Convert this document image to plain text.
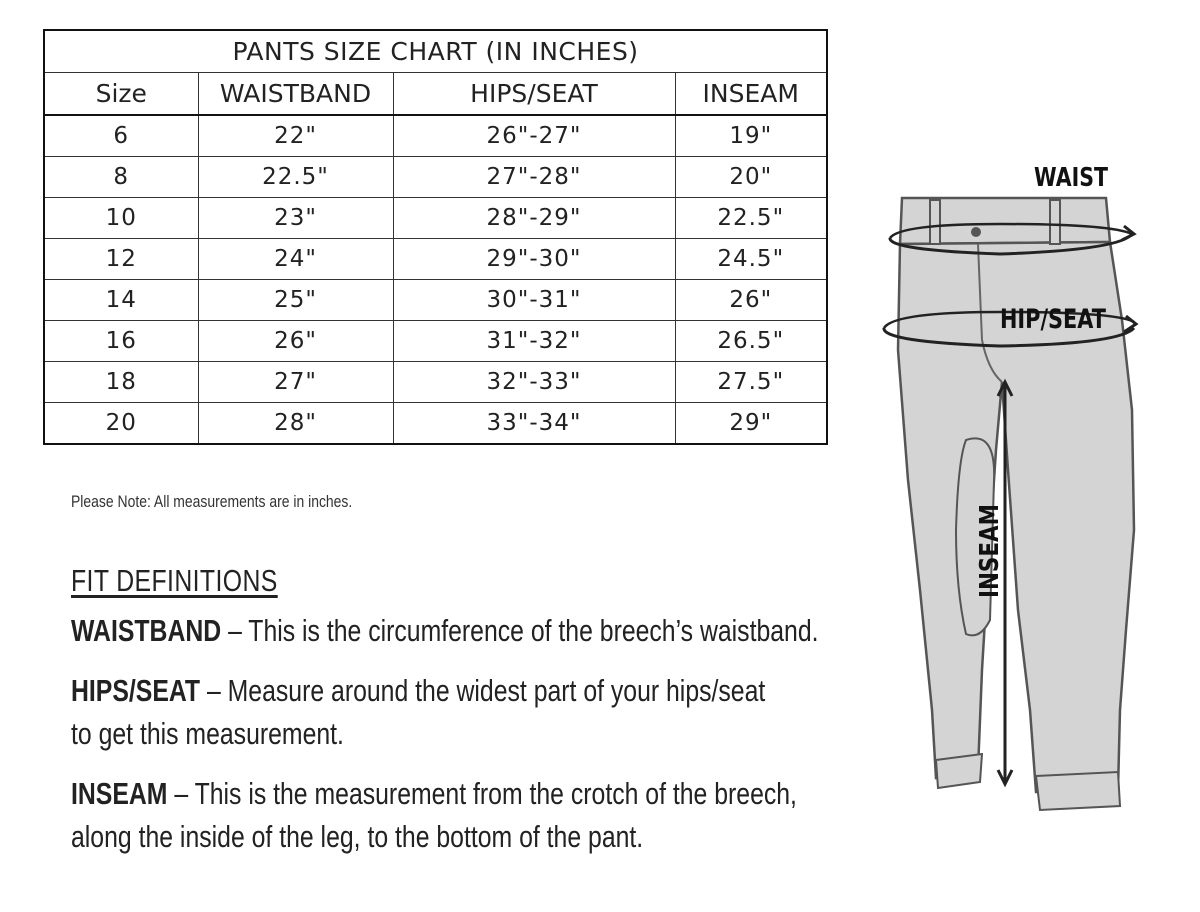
PANTS SIZE CHART (IN INCHES)			
Size	WAISTBAND	HIPS/SEAT	INSEAM
6	22"	26"-27"	19"
8	22.5"	27"-28"	20"
10	23"	28"-29"	22.5"
12	24"	29"-30"	24.5"
14	25"	30"-31"	26"
16	26"	31"-32"	26.5"
18	27"	32"-33"	27.5"
20	28"	33"-34"	29"
Please Note: All measurements are in inches.
FIT DEFINITIONS

WAISTBAND – This is the circumference of the breech’s waistband.

HIPS/SEAT – Measure around the widest part of your hips/seat

to get this measurement.

INSEAM – This is the measurement from the crotch of the breech,

along the inside of the leg, to the bottom of the pant.

WAIST
HIP/SEAT
INSEAM
